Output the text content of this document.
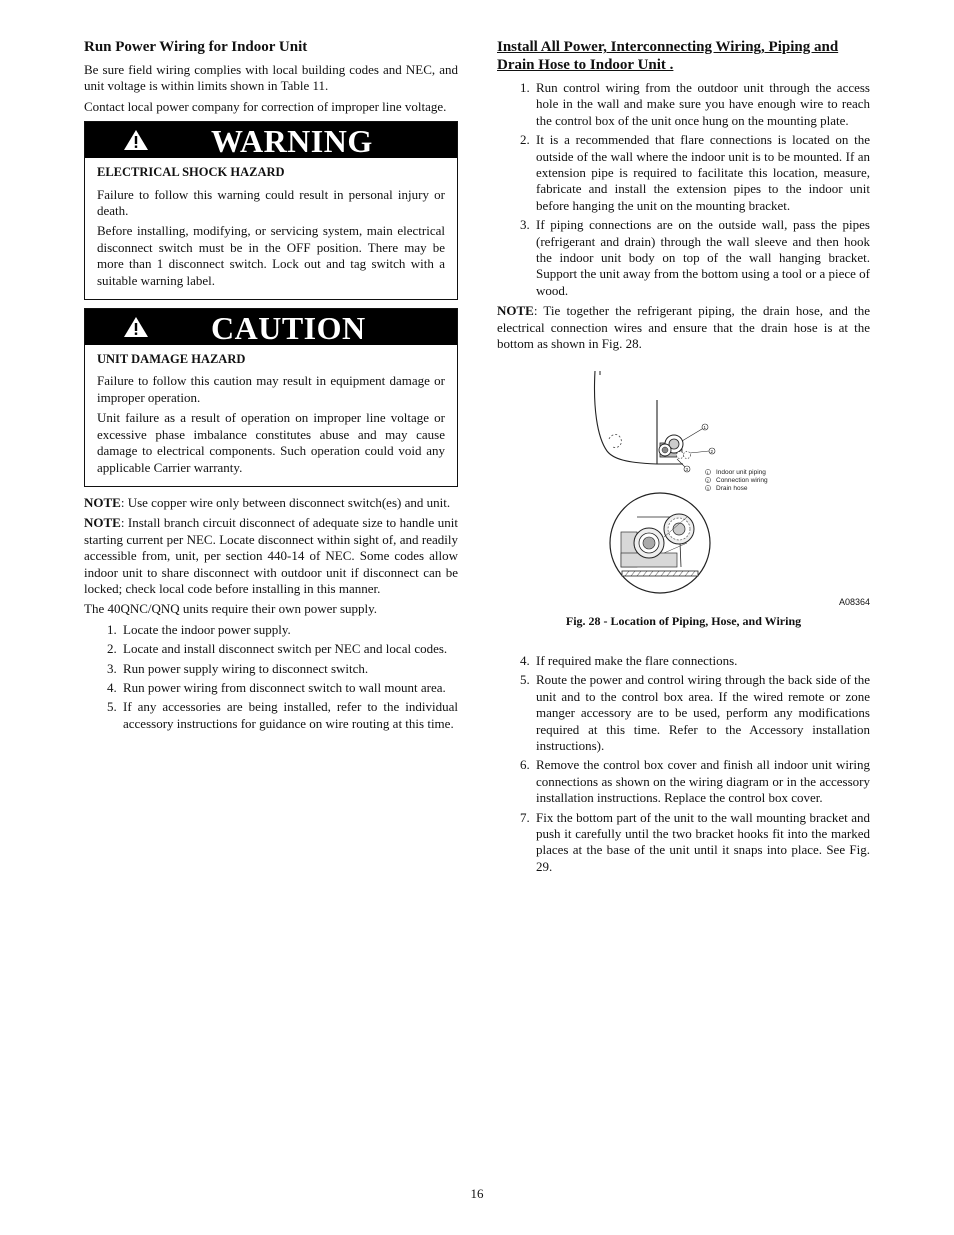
Run Power Wiring for Indoor Unit

Be sure field wiring complies with local building codes and NEC, and unit voltage is within limits shown in Table 11.

Contact local power company for correction of improper line voltage.

WARNING

ELECTRICAL SHOCK HAZARD

Failure to follow this warning could result in personal injury or death.

Before installing, modifying, or servicing system, main electrical disconnect switch must be in the OFF position. There may be more than 1 disconnect switch. Lock out and tag switch with a suitable warning label.

CAUTION

UNIT DAMAGE HAZARD

Failure to follow this caution may result in equipment damage or improper operation.

Unit failure as a result of operation on improper line voltage or excessive phase imbalance constitutes abuse and may cause damage to electrical components. Such operation could void any applicable Carrier warranty.

NOTE: Use copper wire only between disconnect switch(es) and unit.

NOTE: Install branch circuit disconnect of adequate size to handle unit starting current per NEC. Locate disconnect within sight of, and readily accessible from, unit, per section 440-14 of NEC. Some codes allow indoor unit to share disconnect with outdoor unit if disconnect can be locked; check local code before installing in this manner.

The 40QNC/QNQ units require their own power supply.

1. Locate the indoor power supply.
2. Locate and install disconnect switch per NEC and local codes.
3. Run power supply wiring to disconnect switch.
4. Run power wiring from disconnect switch to wall mount area.
5. If any accessories are being installed, refer to the individual accessory instructions for guidance on wire routing at this time.
Install All Power, Interconnecting Wiring, Piping and Drain Hose to Indoor Unit .
1. Run control wiring from the outdoor unit through the access hole in the wall and make sure you have enough wire to reach the control box of the unit once hung on the mounting plate.
2. It is a recommended that flare connections is located on the outside of the wall where the indoor unit is to be mounted. If an extension pipe is required to facilitate this location, measure, fabricate and install the extension pipes to the indoor unit before hanging the unit on the mounting bracket.
3. If piping connections are on the outside wall, pass the pipes (refrigerant and drain) through the wall sleeve and then hook the indoor unit body on top of the wall hanging bracket. Support the unit away from the bottom using a tool or a piece of wood.

NOTE: Tie together the refrigerant piping, the drain hose, and the electrical connection wires and ensure that the drain hose is at the bottom as shown in Fig. 28.

1
2
3	Indoor unit piping
Connection wiring
Drain hose
1
2
3
A08364

Fig. 28 - Location of Piping, Hose, and Wiring

4. If required make the flare connections.
5. Route the power and control wiring through the back side of the unit and to the control box area. If the wired remote or zone manger accessory are to be used, perform any modifications required at this time. Refer to the Accessory installation instructions).
6. Remove the control box cover and finish all indoor unit wiring connections as shown on the wiring diagram or in the accessory installation instructions. Replace the control box cover.
7. Fix the bottom part of the unit to the wall mounting bracket and push it carefully until the two bracket hooks fit into the marked places at the base of the unit until it snaps into place. See Fig. 29.
16
